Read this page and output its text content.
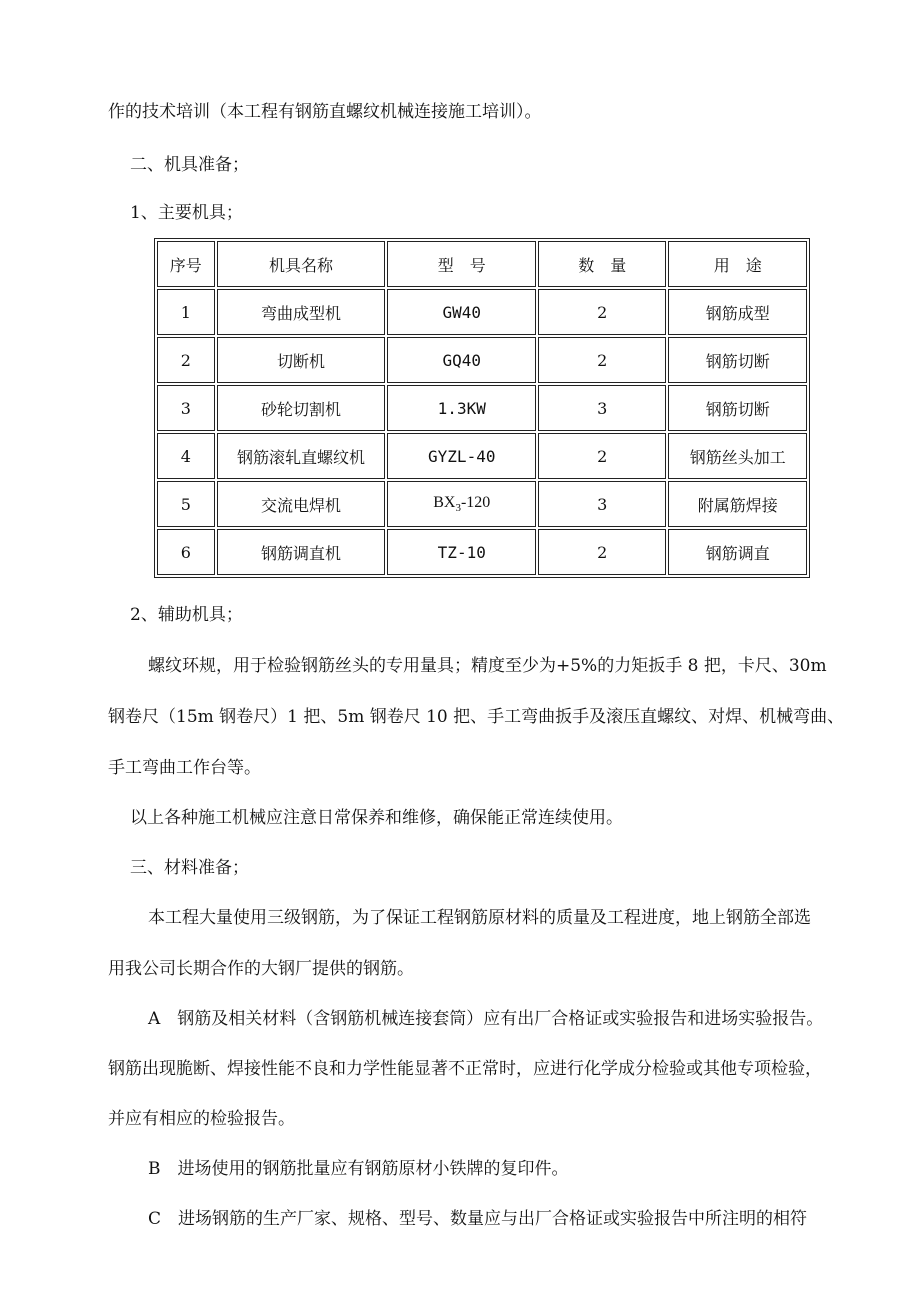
作的技术培训（本工程有钢筋直螺纹机械连接施工培训）。
二、机具准备；
1、主要机具；
序号	机具名称	型　号	数　量	用　途
1	弯曲成型机	GW40	2	钢筋成型
2	切断机	GQ40	2	钢筋切断
3	砂轮切割机	1.3KW	3	钢筋切断
4	钢筋滚轧直螺纹机	GYZL-40	2	钢筋丝头加工
5	交流电焊机	$BX_3-120$	3	附属筋焊接
6	钢筋调直机	TZ-10	2	钢筋调直
2、辅助机具；
螺纹环规，用于检验钢筋丝头的专用量具；精度至少为+5%的力矩扳手 8 把，卡尺、30m
钢卷尺（15m 钢卷尺）1 把、5m 钢卷尺 10 把、手工弯曲扳手及滚压直螺纹、对焊、机械弯曲、
手工弯曲工作台等。
以上各种施工机械应注意日常保养和维修，确保能正常连续使用。
三、材料准备；
本工程大量使用三级钢筋，为了保证工程钢筋原材料的质量及工程进度，地上钢筋全部选
用我公司长期合作的大钢厂提供的钢筋。
A　钢筋及相关材料（含钢筋机械连接套筒）应有出厂合格证或实验报告和进场实验报告。
钢筋出现脆断、焊接性能不良和力学性能显著不正常时，应进行化学成分检验或其他专项检验，
并应有相应的检验报告。
B　进场使用的钢筋批量应有钢筋原材小铁牌的复印件。
C　进场钢筋的生产厂家、规格、型号、数量应与出厂合格证或实验报告中所注明的相符
